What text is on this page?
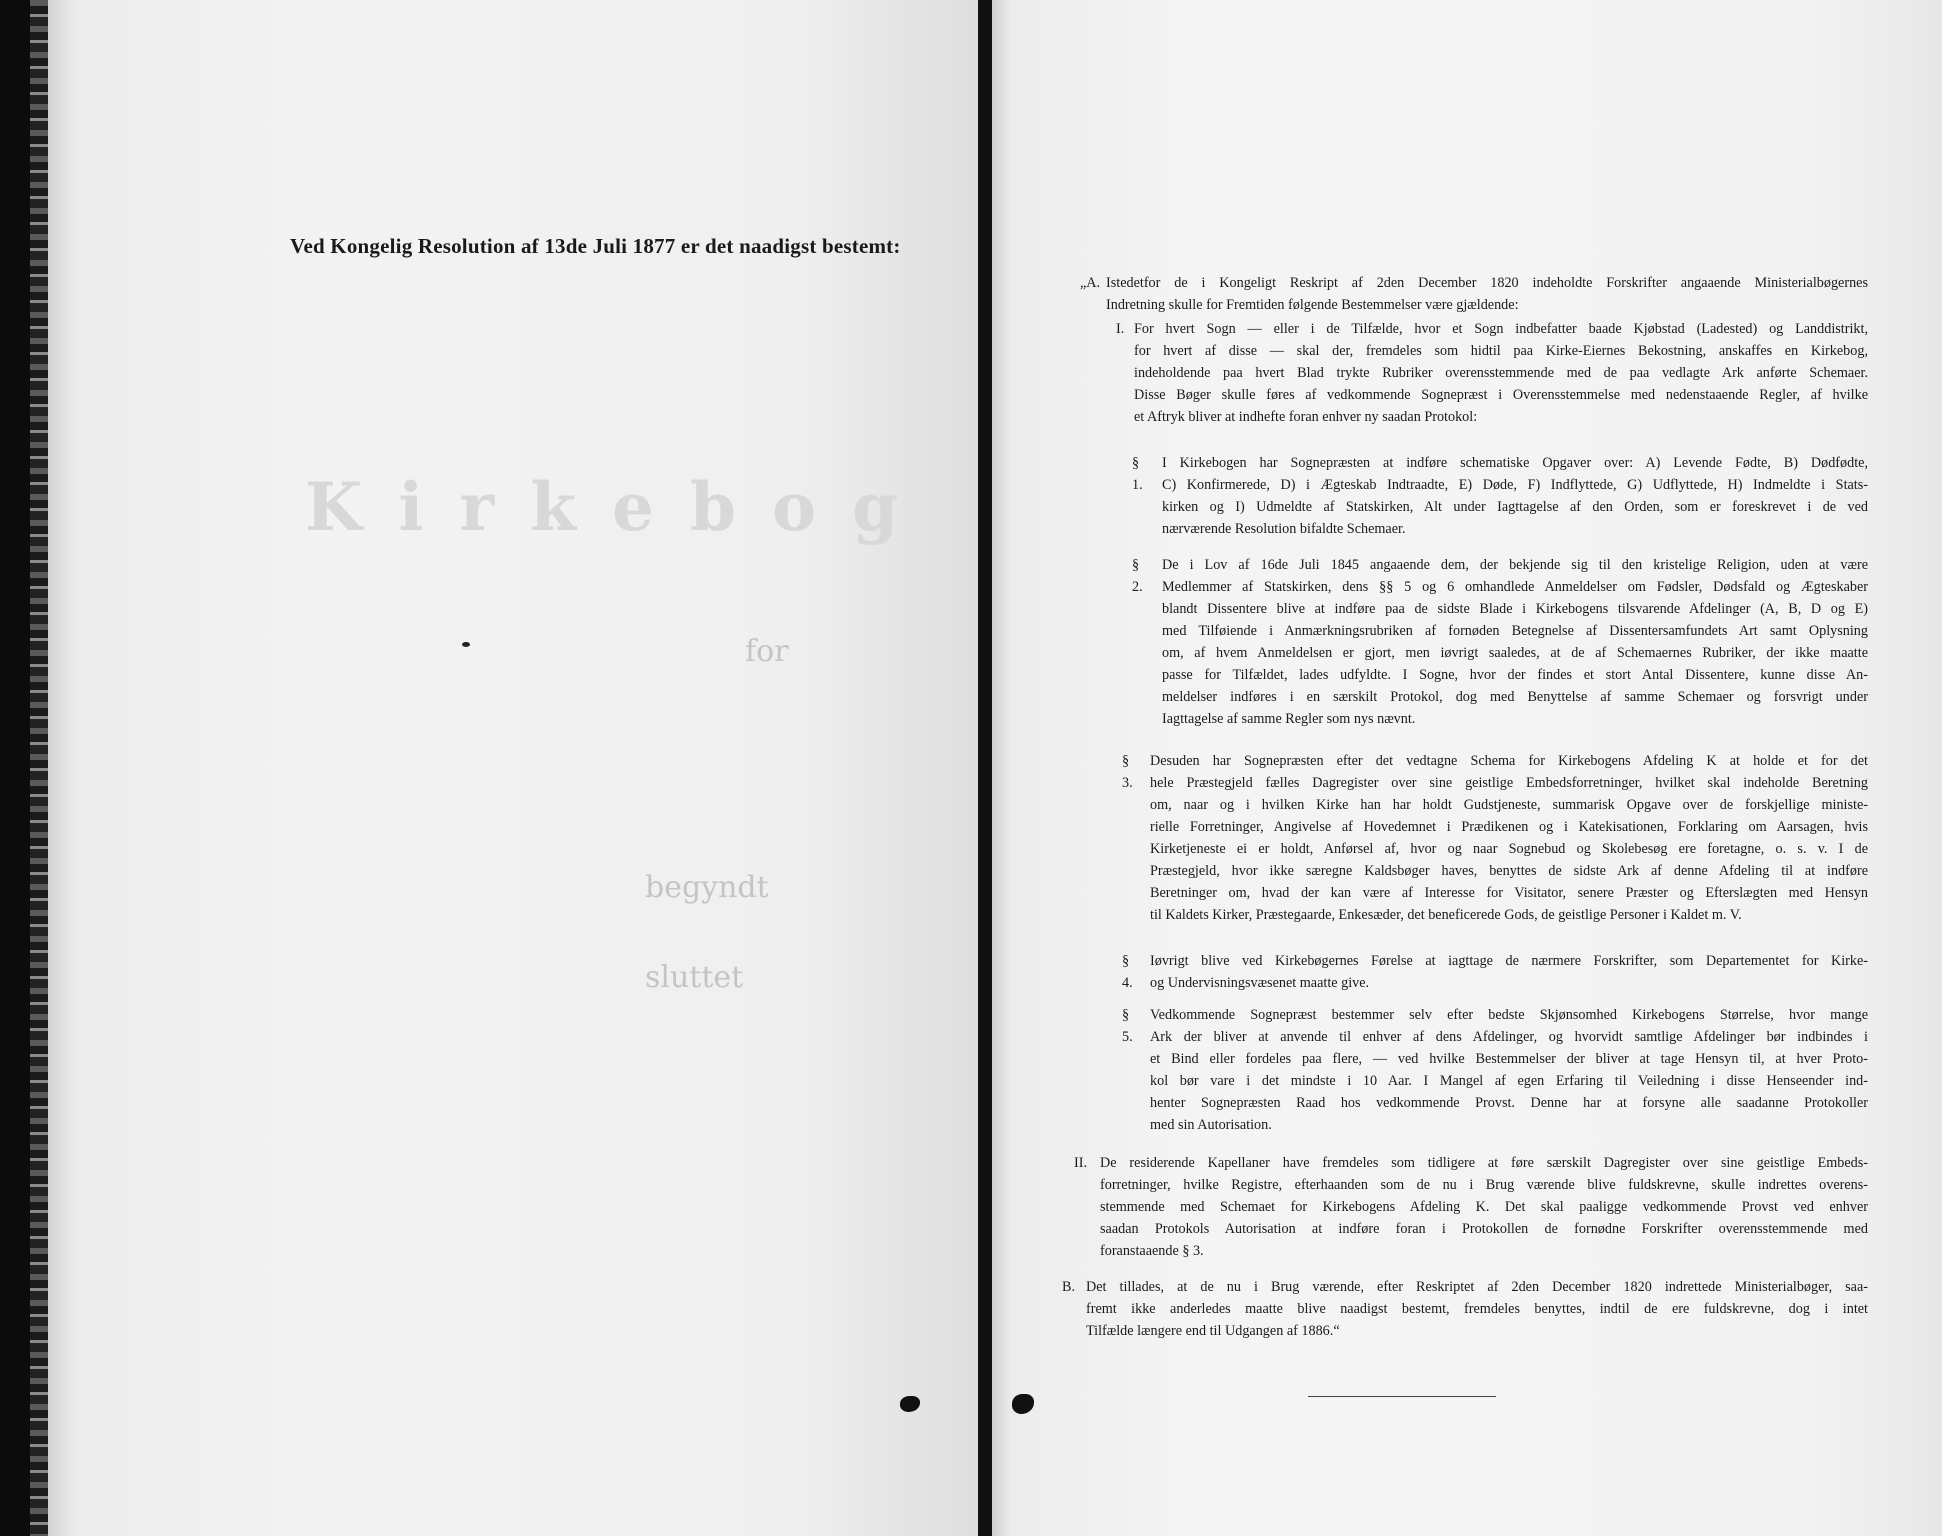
Kirkebog
for
begyndt
sluttet
Ved Kongelig Resolution af 13de Juli 1877 er det naadigst bestemt:
„A. Istedetfor de i Kongeligt Reskript af 2den December 1820 indeholdte Forskrifter angaaende Ministerialbøgernes
Indretning skulle for Fremtiden følgende Bestemmelser være gjældende:
I. For hvert Sogn — eller i de Tilfælde, hvor et Sogn indbefatter baade Kjøbstad (Ladested) og Landdistrikt,
for hvert af disse — skal der, fremdeles som hidtil paa Kirke-Eiernes Bekostning, anskaffes en Kirkebog,
indeholdende paa hvert Blad trykte Rubriker overensstemmende med de paa vedlagte Ark anførte Schemaer.
Disse Bøger skulle føres af vedkommende Sognepræst i Overensstemmelse med nedenstaaende Regler, af hvilke
et Aftryk bliver at indhefte foran enhver ny saadan Protokol:
§ 1.
I Kirkebogen har Sognepræsten at indføre schematiske Opgaver over: A) Levende Fødte, B) Dødfødte,
C) Konfirmerede, D) i Ægteskab Indtraadte, E) Døde, F) Indflyttede, G) Udflyttede, H) Indmeldte i Stats-
kirken og I) Udmeldte af Statskirken, Alt under Iagttagelse af den Orden, som er foreskrevet i de ved
nærværende Resolution bifaldte Schemaer.
§ 2.
De i Lov af 16de Juli 1845 angaaende dem, der bekjende sig til den kristelige Religion, uden at være
Medlemmer af Statskirken, dens §§ 5 og 6 omhandlede Anmeldelser om Fødsler, Dødsfald og Ægteskaber
blandt Dissentere blive at indføre paa de sidste Blade i Kirkebogens tilsvarende Afdelinger (A, B, D og E)
med Tilføiende i Anmærkningsrubriken af fornøden Betegnelse af Dissentersamfundets Art samt Oplysning
om, af hvem Anmeldelsen er gjort, men iøvrigt saaledes, at de af Schemaernes Rubriker, der ikke maatte
passe for Tilfældet, lades udfyldte. I Sogne, hvor der findes et stort Antal Dissentere, kunne disse An-
meldelser indføres i en særskilt Protokol, dog med Benyttelse af samme Schemaer og forsvrigt under
Iagttagelse af samme Regler som nys nævnt.
§ 3.
Desuden har Sognepræsten efter det vedtagne Schema for Kirkebogens Afdeling K at holde et for det
hele Præstegjeld fælles Dagregister over sine geistlige Embedsforretninger, hvilket skal indeholde Beretning
om, naar og i hvilken Kirke han har holdt Gudstjeneste, summarisk Opgave over de forskjellige ministe-
rielle Forretninger, Angivelse af Hovedemnet i Prædikenen og i Katekisationen, Forklaring om Aarsagen, hvis
Kirketjeneste ei er holdt, Anførsel af, hvor og naar Sognebud og Skolebesøg ere foretagne, o. s. v. I de
Præstegjeld, hvor ikke særegne Kaldsbøger haves, benyttes de sidste Ark af denne Afdeling til at indføre
Beretninger om, hvad der kan være af Interesse for Visitator, senere Præster og Efterslægten med Hensyn
til Kaldets Kirker, Præstegaarde, Enkesæder, det beneficerede Gods, de geistlige Personer i Kaldet m. V.
§ 4.
Iøvrigt blive ved Kirkebøgernes Førelse at iagttage de nærmere Forskrifter, som Departementet for Kirke-
og Undervisningsvæsenet maatte give.
§ 5.
Vedkommende Sognepræst bestemmer selv efter bedste Skjønsomhed Kirkebogens Størrelse, hvor mange
Ark der bliver at anvende til enhver af dens Afdelinger, og hvorvidt samtlige Afdelinger bør indbindes i
et Bind eller fordeles paa flere, — ved hvilke Bestemmelser der bliver at tage Hensyn til, at hver Proto-
kol bør vare i det mindste i 10 Aar. I Mangel af egen Erfaring til Veiledning i disse Henseender ind-
henter Sognepræsten Raad hos vedkommende Provst. Denne har at forsyne alle saadanne Protokoller
med sin Autorisation.
II. De residerende Kapellaner have fremdeles som tidligere at føre særskilt Dagregister over sine geistlige Embeds-
forretninger, hvilke Registre, efterhaanden som de nu i Brug værende blive fuldskrevne, skulle indrettes overens-
stemmende med Schemaet for Kirkebogens Afdeling K. Det skal paaligge vedkommende Provst ved enhver
saadan Protokols Autorisation at indføre foran i Protokollen de fornødne Forskrifter overensstemmende med
foranstaaende § 3.
B. Det tillades, at de nu i Brug værende, efter Reskriptet af 2den December 1820 indrettede Ministerialbøger, saa-
fremt ikke anderledes maatte blive naadigst bestemt, fremdeles benyttes, indtil de ere fuldskrevne, dog i intet
Tilfælde længere end til Udgangen af 1886.“
